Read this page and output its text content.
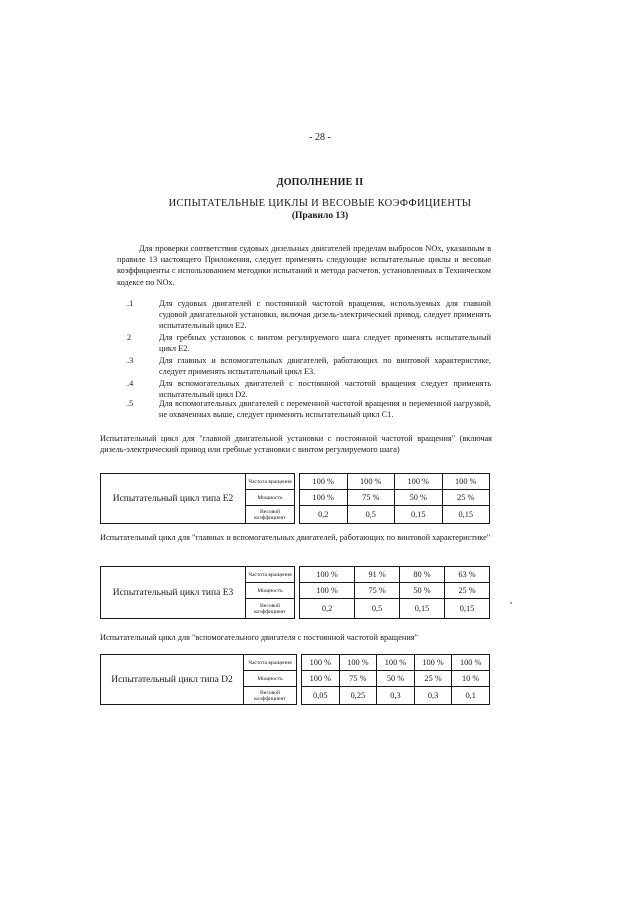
- 28 -
ДОПОЛНЕНИЕ II
ИСПЫТАТЕЛЬНЫЕ ЦИКЛЫ И ВЕСОВЫЕ КОЭФФИЦИЕНТЫ
(Правило 13)
Для проверки соответствия судовых дизельных двигателей пределам выбросов NOx, указанным в правиле 13 настоящего Приложения, следует применять следующие испытательные циклы и весовые коэффициенты с использованием методики испытаний и метода расчетов, установленных в Техническом кодексе по NOx.
.1	Для судовых двигателей с постоянной частотой вращения, используемых для главной судовой двигательной установки, включая дизель-электрический привод, следует применять испытательный цикл E2.
2	Для гребных установок с винтом регулируемого шага следует применять испытательный цикл E2.
.3	Для главных и вспомогательных двигателей, работающих по винтовой характеристике, следует применять испытательный цикл E3.
.4	Для вспомогательных двигателей с постоянной частотой вращения следует применять испытательный цикл D2.
.5	Для вспомогательных двигателей с переменной частотой вращения и переменной нагрузкой, не охваченных выше, следует применять испытательный цикл C1.
Испытательный цикл для "главной двигательной установки с постоянной частотой вращения" (включая дизель-электрический привод или гребные установки с винтом регулируемого шага)
Испытательный цикл типа E2	Частота вращения		100 %	100 %	100 %	100 %
	Мощность		100 %	75 %	50 %	25 %
	Весовой коэффициент		0,2	0,5	0,15	0,15
Испытательный цикл для "главных и вспомогательных двигателей, работающих по винтовой характеристике"
Испытательный цикл типа E3	Частота вращения		100 %	91 %	80 %	63 %
	Мощность		100 %	75 %	50 %	25 %
	Весовой коэффициент		0,2	0,5	0,15	0,15
Испытательный цикл для "вспомогательного двигателя с постоянной частотой вращения"
Испытательный цикл типа D2	Частота вращения		100 %	100 %	100 %	100 %	100 %
	Мощность		100 %	75 %	50 %	25 %	10 %
	Весовой коэффициент		0,05	0,25	0,3	0,3	0,1
